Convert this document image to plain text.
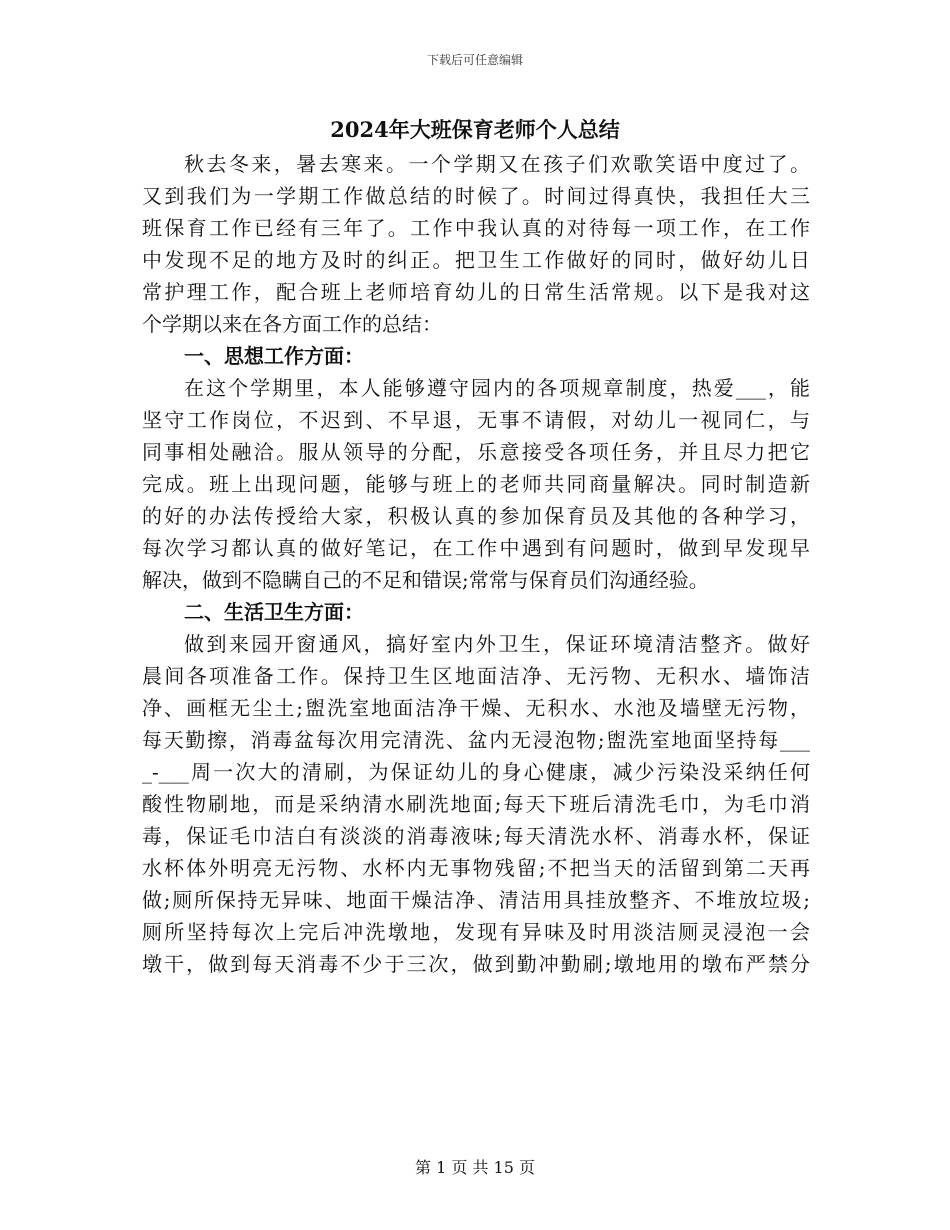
下载后可任意编辑
2024年大班保育老师个人总结
秋去冬来，暑去寒来。一个学期又在孩子们欢歌笑语中度过了。
又到我们为一学期工作做总结的时候了。时间过得真快，我担任大三
班保育工作已经有三年了。工作中我认真的对待每一项工作，在工作
中发现不足的地方及时的纠正。把卫生工作做好的同时，做好幼儿日
常护理工作，配合班上老师培育幼儿的日常生活常规。以下是我对这
个学期以来在各方面工作的总结：
一、思想工作方面：
在这个学期里，本人能够遵守园内的各项规章制度，热爱___，能
坚守工作岗位，不迟到、不早退，无事不请假，对幼儿一视同仁，与
同事相处融洽。服从领导的分配，乐意接受各项任务，并且尽力把它
完成。班上出现问题，能够与班上的老师共同商量解决。同时制造新
的好的办法传授给大家，积极认真的参加保育员及其他的各种学习，
每次学习都认真的做好笔记，在工作中遇到有问题时，做到早发现早
解决，做到不隐瞒自己的不足和错误;常常与保育员们沟通经验。
二、生活卫生方面：
做到来园开窗通风，搞好室内外卫生，保证环境清洁整齐。做好
晨间各项准备工作。保持卫生区地面洁净、无污物、无积水、墙饰洁
净、画框无尘土;盥洗室地面洁净干燥、无积水、水池及墙壁无污物，
每天勤擦，消毒盆每次用完清洗、盆内无浸泡物;盥洗室地面坚持每___
_-___周一次大的清刷，为保证幼儿的身心健康，减少污染没采纳任何
酸性物刷地，而是采纳清水刷洗地面;每天下班后清洗毛巾，为毛巾消
毒，保证毛巾洁白有淡淡的消毒液味;每天清洗水杯、消毒水杯，保证
水杯体外明亮无污物、水杯内无事物残留;不把当天的活留到第二天再
做;厕所保持无异味、地面干燥洁净、清洁用具挂放整齐、不堆放垃圾;
厕所坚持每次上完后冲洗墩地，发现有异味及时用淡洁厕灵浸泡一会
墩干，做到每天消毒不少于三次，做到勤冲勤刷;墩地用的墩布严禁分
第 1 页 共 15 页
